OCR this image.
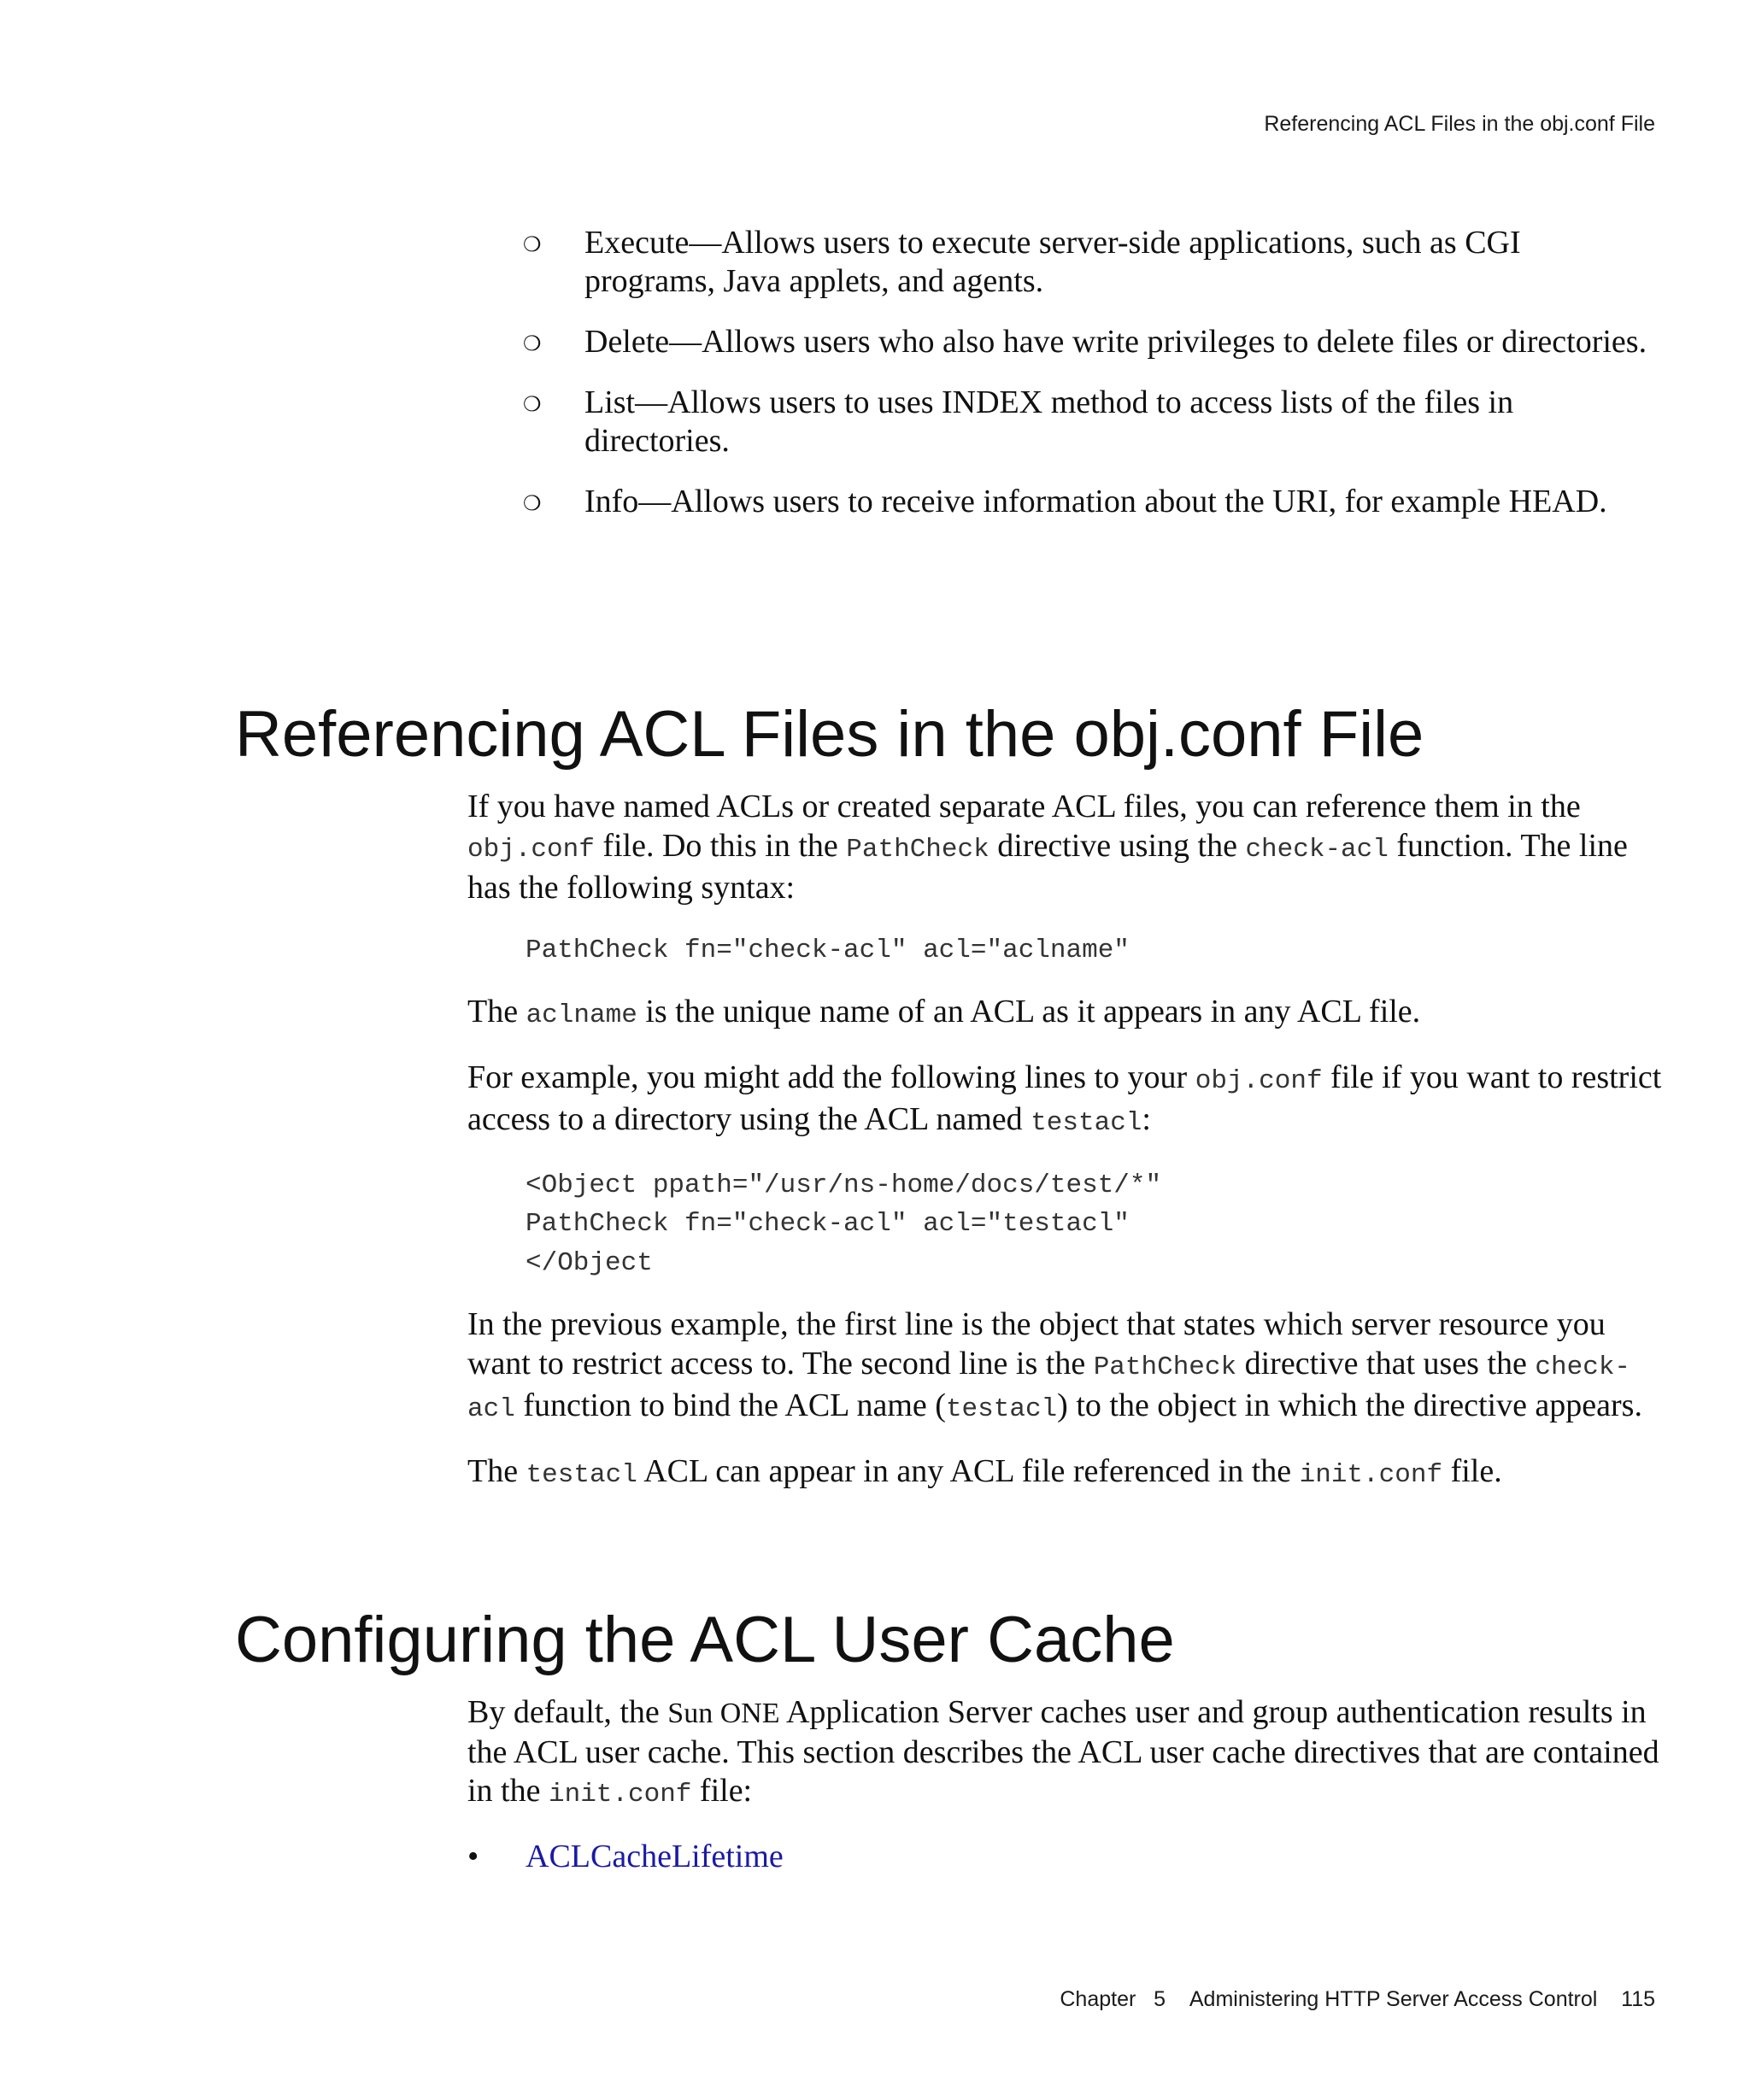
Referencing ACL Files in the obj.conf File
❍ Execute—Allows users to execute server-side applications, such as CGI programs, Java applets, and agents.
❍ Delete—Allows users who also have write privileges to delete files or directories.
❍ List—Allows users to uses INDEX method to access lists of the files in directories.
❍ Info—Allows users to receive information about the URI, for example HEAD.
Referencing ACL Files in the obj.conf File

If you have named ACLs or created separate ACL files, you can reference them in the obj.conf file. Do this in the PathCheck directive using the check-acl function. The line has the following syntax:

PathCheck fn="check-acl" acl="aclname"

The aclname is the unique name of an ACL as it appears in any ACL file.

For example, you might add the following lines to your obj.conf file if you want to restrict access to a directory using the ACL named testacl:

<Object ppath="/usr/ns-home/docs/test/*"
PathCheck fn="check-acl" acl="testacl"
</Object

In the previous example, the first line is the object that states which server resource you want to restrict access to. The second line is the PathCheck directive that uses the check-acl function to bind the ACL name (testacl) to the object in which the directive appears.

The testacl ACL can appear in any ACL file referenced in the init.conf file.

Configuring the ACL User Cache

By default, the Sun ONE Application Server caches user and group authentication results in the ACL user cache. This section describes the ACL user cache directives that are contained in the init.conf file:

• ACLCacheLifetime
Chapter 5 Administering HTTP Server Access Control 115
